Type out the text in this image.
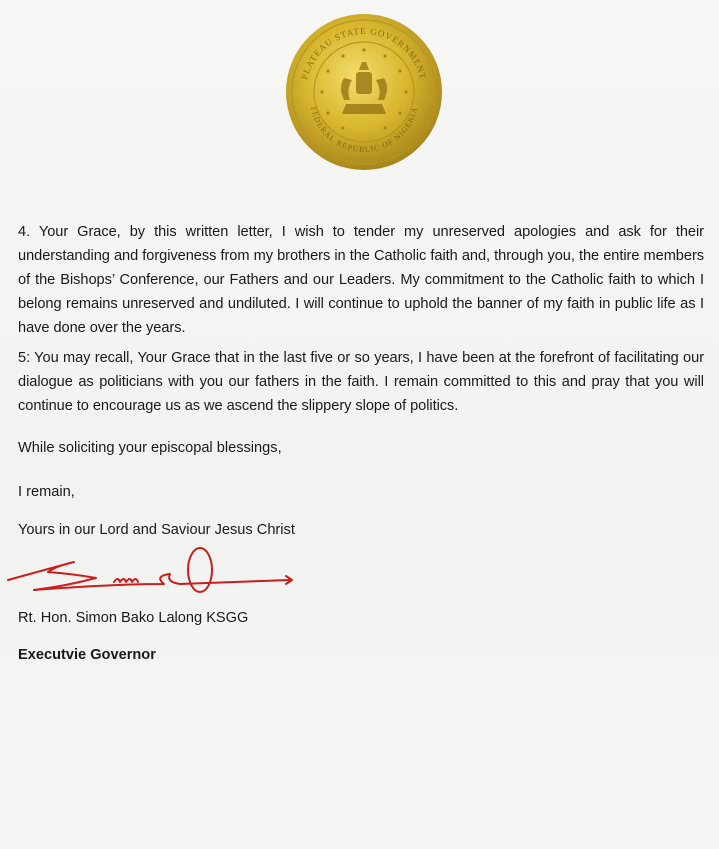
PLATEAU STATE GOVERNMENT
FEDERAL REPUBLIC OF NIGERIA
4. Your Grace, by this written letter, I wish to tender my unreserved apologies and ask for their understanding and forgiveness from my brothers in the Catholic faith and, through you, the entire members of the Bishops’ Conference, our Fathers and our Leaders. My commitment to the Catholic faith to which I belong remains unreserved and undiluted. I will continue to uphold the banner of my faith in public life as I have done over the years.
5: You may recall, Your Grace that in the last five or so years, I have been at the forefront of facilitating our dialogue as politicians with you our fathers in the faith. I remain committed to this and pray that you will continue to encourage us as we ascend the slippery slope of politics.
While soliciting your episcopal blessings,
I remain,
Yours in our Lord and Saviour Jesus Christ
Rt. Hon. Simon Bako Lalong KSGG
Executvie Governor
